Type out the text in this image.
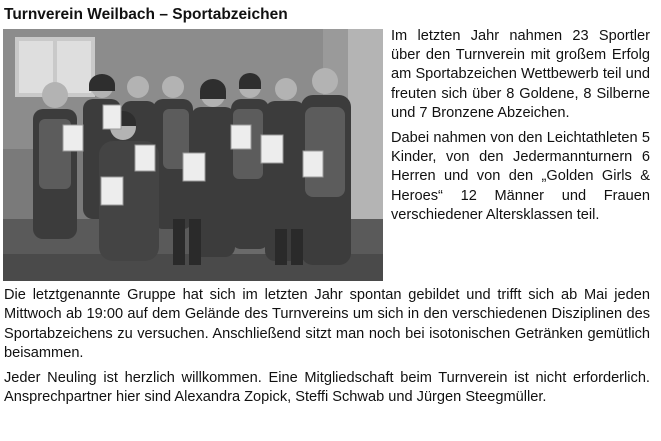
Turnverein Weilbach – Sportabzeichen

Im letzten Jahr nahmen 23 Sportler über den Turnverein mit großem Erfolg am Sportabzeichen Wettbewerb teil und freuten sich über 8 Goldene, 8 Silberne und 7 Bronzene Abzeichen.

Dabei nahmen von den Leichtathleten 5 Kinder, von den Jedermannturnern 6 Herren und von den „Golden Girls & Heroes“ 12 Männer und Frauen verschiedener Altersklassen teil.

Die letztgenannte Gruppe hat sich im letzten Jahr spontan gebildet und trifft sich ab Mai jeden Mittwoch ab 19:00 auf dem Gelände des Turnvereins um sich in den verschiedenen Disziplinen des Sportabzeichens zu versuchen. Anschließend sitzt man noch bei isotonischen Getränken gemütlich beisammen.

Jeder Neuling ist herzlich willkommen. Eine Mitgliedschaft beim Turnverein ist nicht erforderlich. Ansprechpartner hier sind Alexandra Zopick, Steffi Schwab und Jürgen Steegmüller.
